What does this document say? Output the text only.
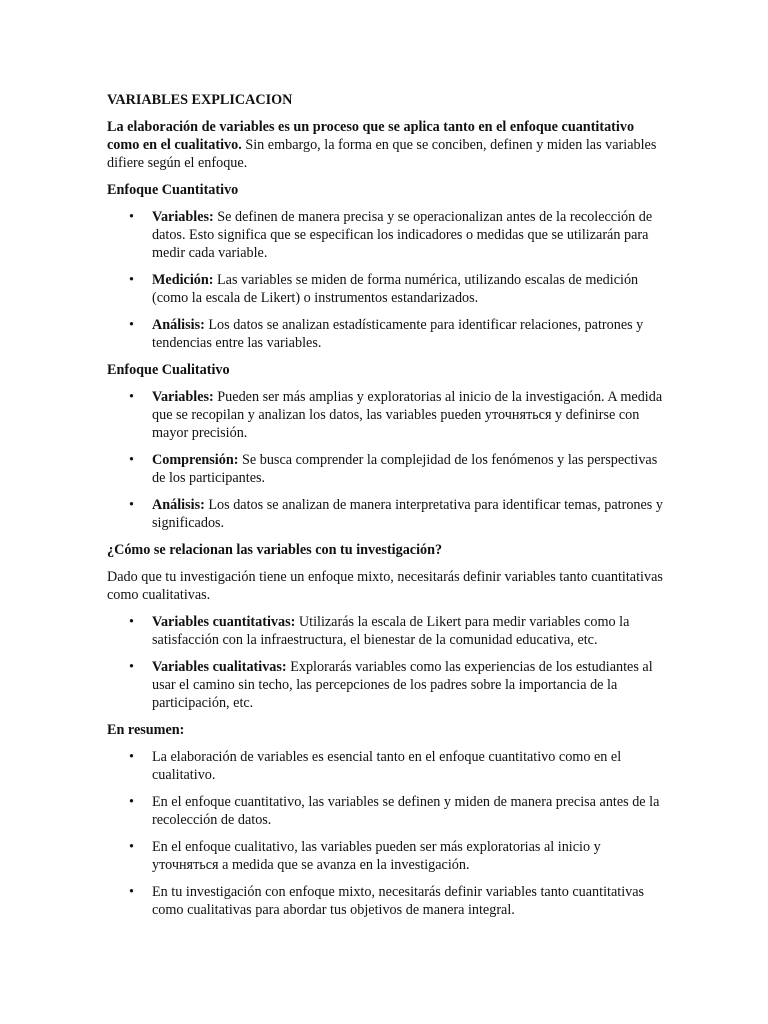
VARIABLES EXPLICACION

La elaboración de variables es un proceso que se aplica tanto en el enfoque cuantitativo como en el cualitativo. Sin embargo, la forma en que se conciben, definen y miden las variables difiere según el enfoque.

Enfoque Cuantitativo
• Variables: Se definen de manera precisa y se operacionalizan antes de la recolección de datos. Esto significa que se especifican los indicadores o medidas que se utilizarán para medir cada variable.
• Medición: Las variables se miden de forma numérica, utilizando escalas de medición (como la escala de Likert) o instrumentos estandarizados.
• Análisis: Los datos se analizan estadísticamente para identificar relaciones, patrones y tendencias entre las variables.
Enfoque Cualitativo
• Variables: Pueden ser más amplias y exploratorias al inicio de la investigación. A medida que se recopilan y analizan los datos, las variables pueden уточняться y definirse con mayor precisión.
• Comprensión: Se busca comprender la complejidad de los fenómenos y las perspectivas de los participantes.
• Análisis: Los datos se analizan de manera interpretativa para identificar temas, patrones y significados.
¿Cómo se relacionan las variables con tu investigación?

Dado que tu investigación tiene un enfoque mixto, necesitarás definir variables tanto cuantitativas como cualitativas.

• Variables cuantitativas: Utilizarás la escala de Likert para medir variables como la satisfacción con la infraestructura, el bienestar de la comunidad educativa, etc.
• Variables cualitativas: Explorarás variables como las experiencias de los estudiantes al usar el camino sin techo, las percepciones de los padres sobre la importancia de la participación, etc.
En resumen:
• La elaboración de variables es esencial tanto en el enfoque cuantitativo como en el cualitativo.
• En el enfoque cuantitativo, las variables se definen y miden de manera precisa antes de la recolección de datos.
• En el enfoque cualitativo, las variables pueden ser más exploratorias al inicio y уточняться a medida que se avanza en la investigación.
• En tu investigación con enfoque mixto, necesitarás definir variables tanto cuantitativas como cualitativas para abordar tus objetivos de manera integral.
